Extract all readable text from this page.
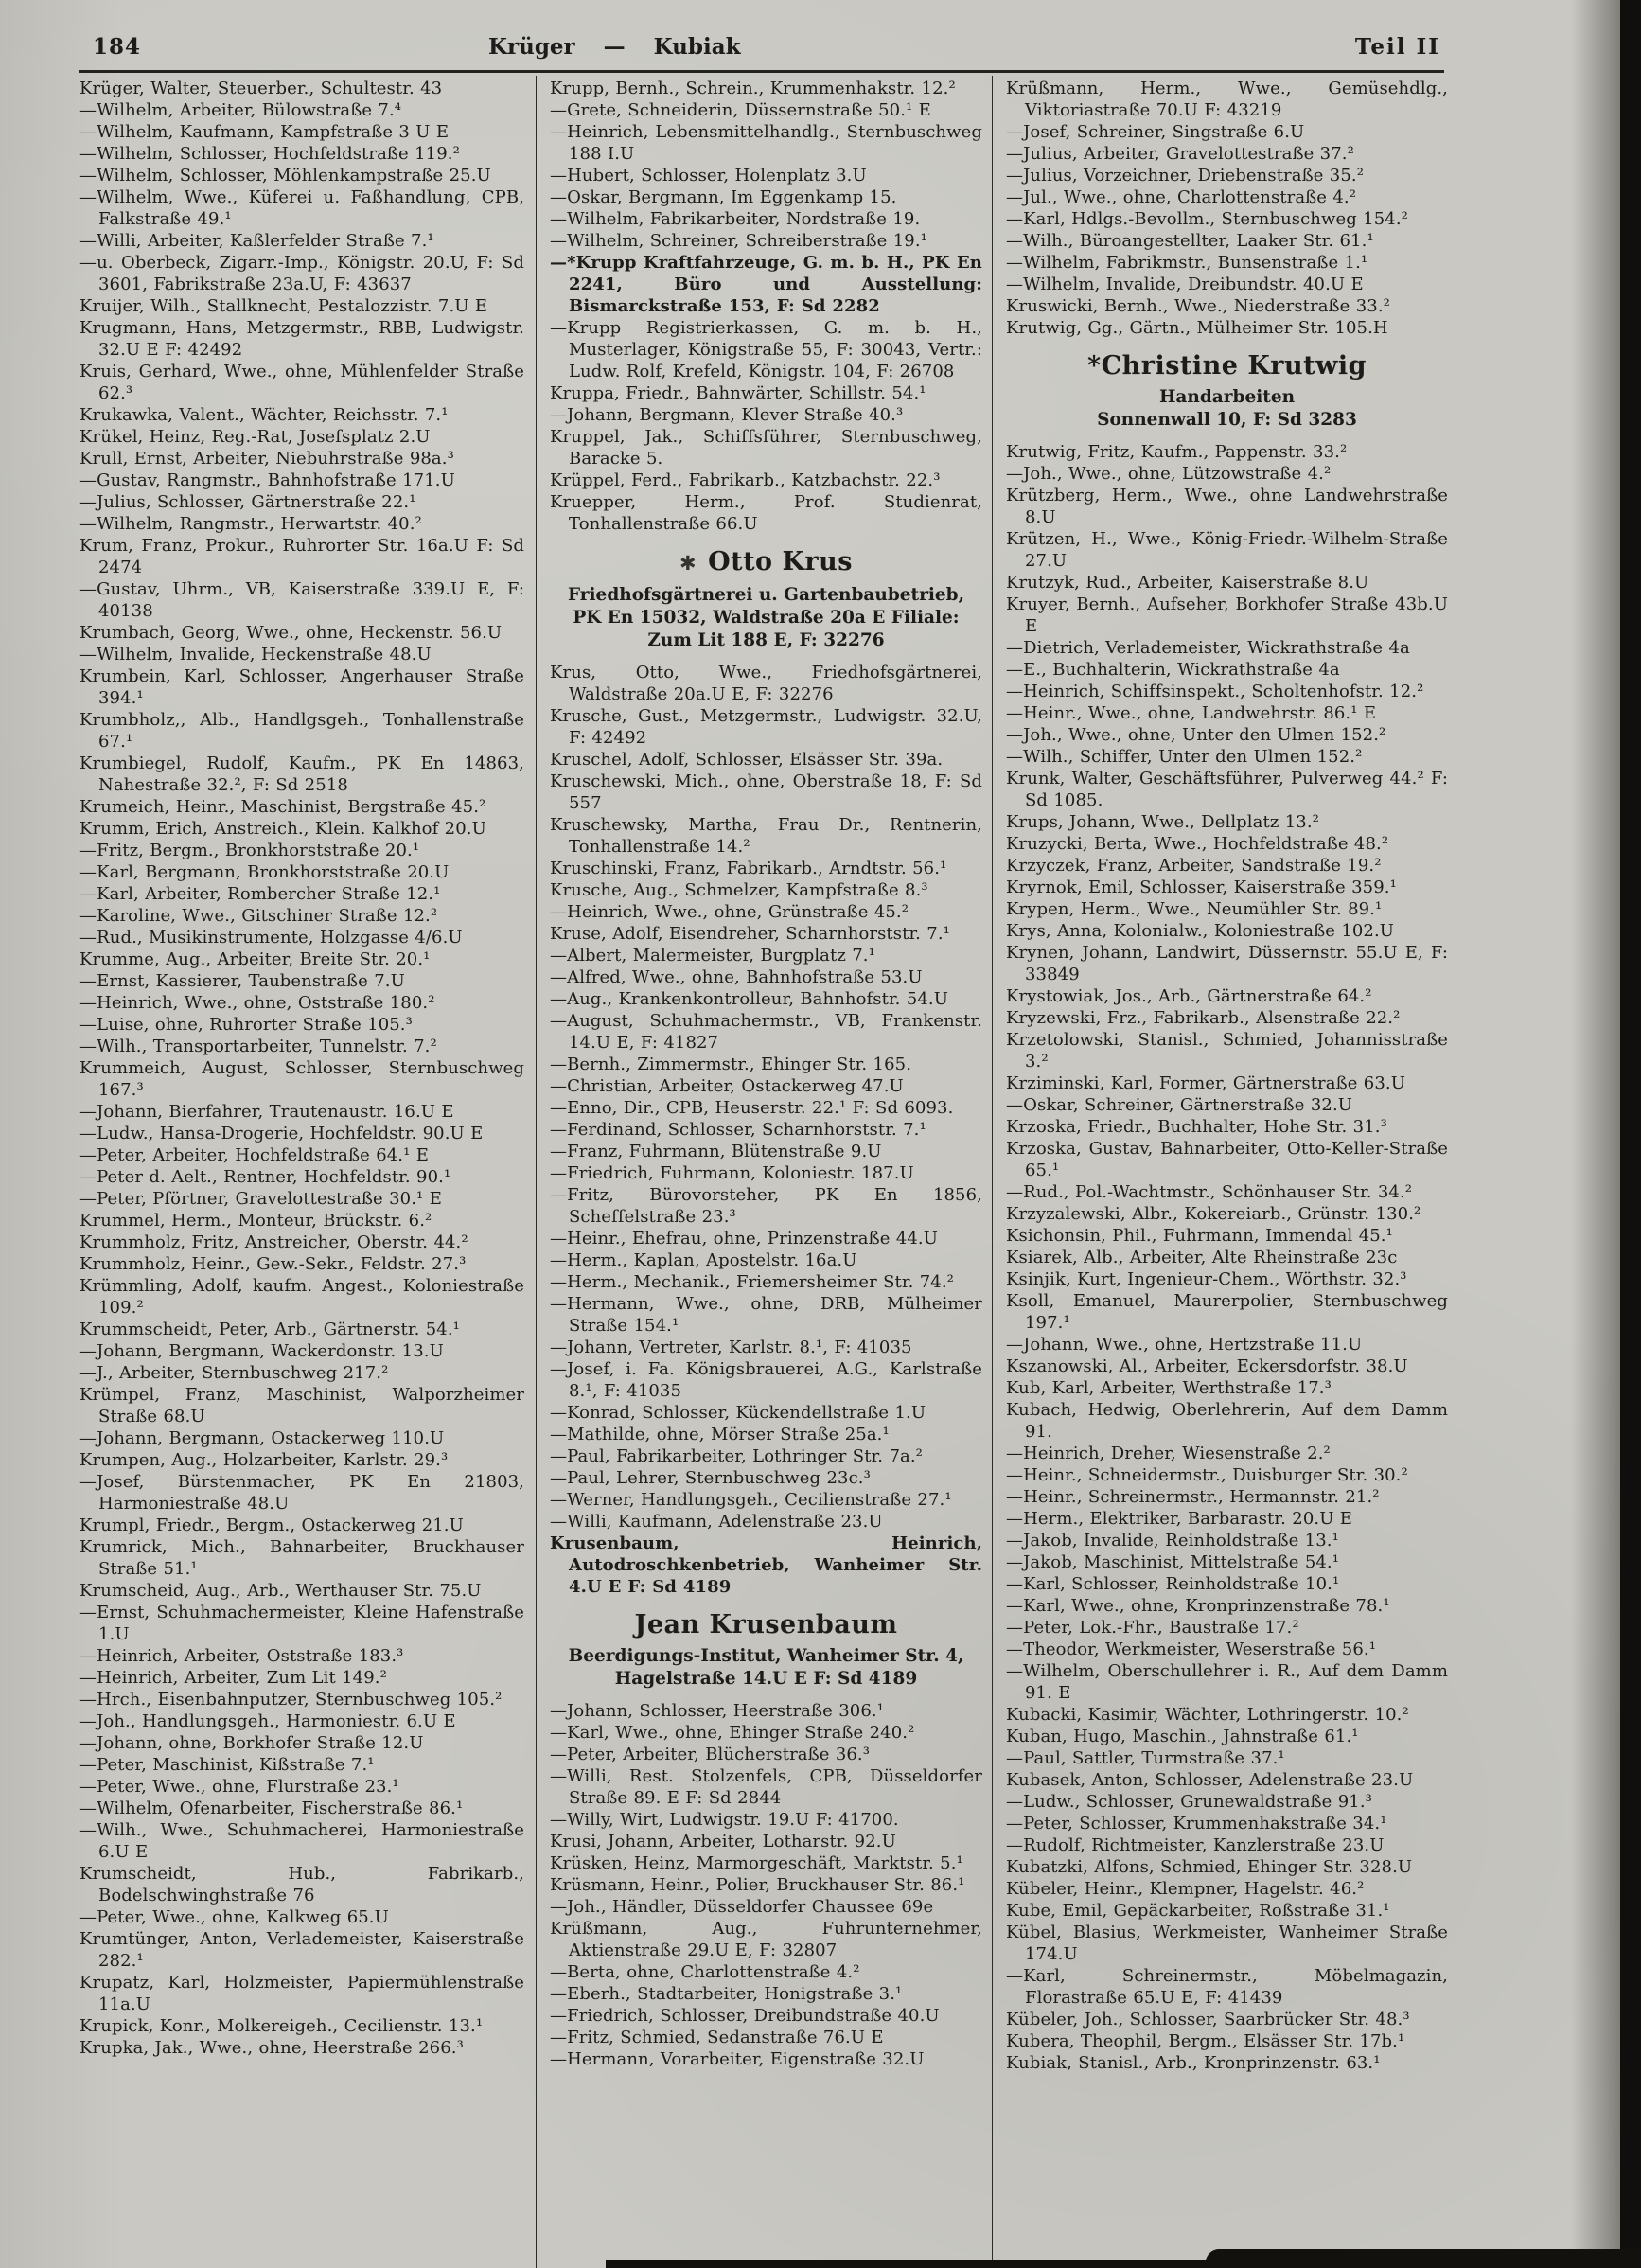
184	Krüger — Kubiak	Teil II
Krüger, Walter, Steuerber., Schultestr. 43
—Wilhelm, Arbeiter, Bülowstraße 7.⁴
—Wilhelm, Kaufmann, Kampfstraße 3 U E
—Wilhelm, Schlosser, Hochfeldstraße 119.²
—Wilhelm, Schlosser, Möhlenkampstraße 25.U
—Wilhelm, Wwe., Küferei u. Faßhandlung, CPB, Falkstraße 49.¹
—Willi, Arbeiter, Kaßlerfelder Straße 7.¹
—u. Oberbeck, Zigarr.-Imp., Königstr. 20.U, F: Sd 3601, Fabrikstraße 23a.U, F: 43637
Kruijer, Wilh., Stallknecht, Pestalozzistr. 7.U E
Krugmann, Hans, Metzgermstr., RBB, Ludwigstr. 32.U E F: 42492
Kruis, Gerhard, Wwe., ohne, Mühlenfelder Straße 62.³
Krukawka, Valent., Wächter, Reichsstr. 7.¹
Krükel, Heinz, Reg.-Rat, Josefsplatz 2.U
Krull, Ernst, Arbeiter, Niebuhrstraße 98a.³
—Gustav, Rangmstr., Bahnhofstraße 171.U
—Julius, Schlosser, Gärtnerstraße 22.¹
—Wilhelm, Rangmstr., Herwartstr. 40.²
Krum, Franz, Prokur., Ruhrorter Str. 16a.U F: Sd 2474
—Gustav, Uhrm., VB, Kaiserstraße 339.U E, F: 40138
Krumbach, Georg, Wwe., ohne, Heckenstr. 56.U
—Wilhelm, Invalide, Heckenstraße 48.U
Krumbein, Karl, Schlosser, Angerhauser Straße 394.¹
Krumbholz,, Alb., Handlgsgeh., Tonhallenstraße 67.¹
Krumbiegel, Rudolf, Kaufm., PK En 14863, Nahestraße 32.², F: Sd 2518
Krumeich, Heinr., Maschinist, Bergstraße 45.²
Krumm, Erich, Anstreich., Klein. Kalkhof 20.U
—Fritz, Bergm., Bronkhorststraße 20.¹
—Karl, Bergmann, Bronkhorststraße 20.U
—Karl, Arbeiter, Rombercher Straße 12.¹
—Karoline, Wwe., Gitschiner Straße 12.²
—Rud., Musikinstrumente, Holzgasse 4/6.U
Krumme, Aug., Arbeiter, Breite Str. 20.¹
—Ernst, Kassierer, Taubenstraße 7.U
—Heinrich, Wwe., ohne, Oststraße 180.²
—Luise, ohne, Ruhrorter Straße 105.³
—Wilh., Transportarbeiter, Tunnelstr. 7.²
Krummeich, August, Schlosser, Sternbuschweg 167.³
—Johann, Bierfahrer, Trautenaustr. 16.U E
—Ludw., Hansa-Drogerie, Hochfeldstr. 90.U E
—Peter, Arbeiter, Hochfeldstraße 64.¹ E
—Peter d. Aelt., Rentner, Hochfeldstr. 90.¹
—Peter, Pförtner, Gravelottestraße 30.¹ E
Krummel, Herm., Monteur, Brückstr. 6.²
Krummholz, Fritz, Anstreicher, Oberstr. 44.²
Krummholz, Heinr., Gew.-Sekr., Feldstr. 27.³
Krümmling, Adolf, kaufm. Angest., Koloniestraße 109.²
Krummscheidt, Peter, Arb., Gärtnerstr. 54.¹
—Johann, Bergmann, Wackerdonstr. 13.U
—J., Arbeiter, Sternbuschweg 217.²
Krümpel, Franz, Maschinist, Walporzheimer Straße 68.U
—Johann, Bergmann, Ostackerweg 110.U
Krumpen, Aug., Holzarbeiter, Karlstr. 29.³
—Josef, Bürstenmacher, PK En 21803, Harmoniestraße 48.U
Krumpl, Friedr., Bergm., Ostackerweg 21.U
Krumrick, Mich., Bahnarbeiter, Bruckhauser Straße 51.¹
Krumscheid, Aug., Arb., Werthauser Str. 75.U
—Ernst, Schuhmachermeister, Kleine Hafenstraße 1.U
—Heinrich, Arbeiter, Oststraße 183.³
—Heinrich, Arbeiter, Zum Lit 149.²
—Hrch., Eisenbahnputzer, Sternbuschweg 105.²
—Joh., Handlungsgeh., Harmoniestr. 6.U E
—Johann, ohne, Borkhofer Straße 12.U
—Peter, Maschinist, Kißstraße 7.¹
—Peter, Wwe., ohne, Flurstraße 23.¹
—Wilhelm, Ofenarbeiter, Fischerstraße 86.¹
—Wilh., Wwe., Schuhmacherei, Harmoniestraße 6.U E
Krumscheidt, Hub., Fabrikarb., Bodelschwinghstraße 76
—Peter, Wwe., ohne, Kalkweg 65.U
Krumtünger, Anton, Verlademeister, Kaiserstraße 282.¹
Krupatz, Karl, Holzmeister, Papiermühlenstraße 11a.U
Krupick, Konr., Molkereigeh., Cecilienstr. 13.¹
Krupka, Jak., Wwe., ohne, Heerstraße 266.³
Krupp, Bernh., Schrein., Krummenhakstr. 12.²
—Grete, Schneiderin, Düssernstraße 50.¹ E
—Heinrich, Lebensmittelhandlg., Sternbuschweg 188 I.U
—Hubert, Schlosser, Holenplatz 3.U
—Oskar, Bergmann, Im Eggenkamp 15.
—Wilhelm, Fabrikarbeiter, Nordstraße 19.
—Wilhelm, Schreiner, Schreiberstraße 19.¹
—*Krupp Kraftfahrzeuge, G. m. b. H., PK En 2241, Büro und Ausstellung: Bismarckstraße 153, F: Sd 2282
—Krupp Registrierkassen, G. m. b. H., Musterlager, Königstraße 55, F: 30043, Vertr.: Ludw. Rolf, Krefeld, Königstr. 104, F: 26708
Kruppa, Friedr., Bahnwärter, Schillstr. 54.¹
—Johann, Bergmann, Klever Straße 40.³
Kruppel, Jak., Schiffsführer, Sternbuschweg, Baracke 5.
Krüppel, Ferd., Fabrikarb., Katzbachstr. 22.³
Kruepper, Herm., Prof. Studienrat, Tonhallenstraße 66.U
✱ Otto Krus
Friedhofsgärtnerei u. Gartenbaubetrieb,
PK En 15032, Waldstraße 20a E Filiale:
Zum Lit 188 E, F: 32276
Krus, Otto, Wwe., Friedhofsgärtnerei, Waldstraße 20a.U E, F: 32276
Krusche, Gust., Metzgermstr., Ludwigstr. 32.U, F: 42492
Kruschel, Adolf, Schlosser, Elsässer Str. 39a.
Kruschewski, Mich., ohne, Oberstraße 18, F: Sd 557
Kruschewsky, Martha, Frau Dr., Rentnerin, Tonhallenstraße 14.²
Kruschinski, Franz, Fabrikarb., Arndtstr. 56.¹
Krusche, Aug., Schmelzer, Kampfstraße 8.³
—Heinrich, Wwe., ohne, Grünstraße 45.²
Kruse, Adolf, Eisendreher, Scharnhorststr. 7.¹
—Albert, Malermeister, Burgplatz 7.¹
—Alfred, Wwe., ohne, Bahnhofstraße 53.U
—Aug., Krankenkontrolleur, Bahnhofstr. 54.U
—August, Schuhmachermstr., VB, Frankenstr. 14.U E, F: 41827
—Bernh., Zimmermstr., Ehinger Str. 165.
—Christian, Arbeiter, Ostackerweg 47.U
—Enno, Dir., CPB, Heuserstr. 22.¹ F: Sd 6093.
—Ferdinand, Schlosser, Scharnhorststr. 7.¹
—Franz, Fuhrmann, Blütenstraße 9.U
—Friedrich, Fuhrmann, Koloniestr. 187.U
—Fritz, Bürovorsteher, PK En 1856, Scheffelstraße 23.³
—Heinr., Ehefrau, ohne, Prinzenstraße 44.U
—Herm., Kaplan, Apostelstr. 16a.U
—Herm., Mechanik., Friemersheimer Str. 74.²
—Hermann, Wwe., ohne, DRB, Mülheimer Straße 154.¹
—Johann, Vertreter, Karlstr. 8.¹, F: 41035
—Josef, i. Fa. Königsbrauerei, A.G., Karlstraße 8.¹, F: 41035
—Konrad, Schlosser, Kückendellstraße 1.U
—Mathilde, ohne, Mörser Straße 25a.¹
—Paul, Fabrikarbeiter, Lothringer Str. 7a.²
—Paul, Lehrer, Sternbuschweg 23c.³
—Werner, Handlungsgeh., Cecilienstraße 27.¹
—Willi, Kaufmann, Adelenstraße 23.U
Krusenbaum, Heinrich, Autodroschkenbetrieb, Wanheimer Str. 4.U E F: Sd 4189
Jean Krusenbaum
Beerdigungs-Institut, Wanheimer Str. 4,
Hagelstraße 14.U E F: Sd 4189
—Johann, Schlosser, Heerstraße 306.¹
—Karl, Wwe., ohne, Ehinger Straße 240.²
—Peter, Arbeiter, Blücherstraße 36.³
—Willi, Rest. Stolzenfels, CPB, Düsseldorfer Straße 89. E F: Sd 2844
—Willy, Wirt, Ludwigstr. 19.U F: 41700.
Krusi, Johann, Arbeiter, Lotharstr. 92.U
Krüsken, Heinz, Marmorgeschäft, Marktstr. 5.¹
Krüsmann, Heinr., Polier, Bruckhauser Str. 86.¹
—Joh., Händler, Düsseldorfer Chaussee 69e
Krüßmann, Aug., Fuhrunternehmer, Aktienstraße 29.U E, F: 32807
—Berta, ohne, Charlottenstraße 4.²
—Eberh., Stadtarbeiter, Honigstraße 3.¹
—Friedrich, Schlosser, Dreibundstraße 40.U
—Fritz, Schmied, Sedanstraße 76.U E
—Hermann, Vorarbeiter, Eigenstraße 32.U
Krüßmann, Herm., Wwe., Gemüsehdlg., Viktoriastraße 70.U F: 43219
—Josef, Schreiner, Singstraße 6.U
—Julius, Arbeiter, Gravelottestraße 37.²
—Julius, Vorzeichner, Driebenstraße 35.²
—Jul., Wwe., ohne, Charlottenstraße 4.²
—Karl, Hdlgs.-Bevollm., Sternbuschweg 154.²
—Wilh., Büroangestellter, Laaker Str. 61.¹
—Wilhelm, Fabrikmstr., Bunsenstraße 1.¹
—Wilhelm, Invalide, Dreibundstr. 40.U E
Kruswicki, Bernh., Wwe., Niederstraße 33.²
Krutwig, Gg., Gärtn., Mülheimer Str. 105.H
*Christine Krutwig
Handarbeiten
Sonnenwall 10, F: Sd 3283
Krutwig, Fritz, Kaufm., Pappenstr. 33.²
—Joh., Wwe., ohne, Lützowstraße 4.²
Krützberg, Herm., Wwe., ohne Landwehrstraße 8.U
Krützen, H., Wwe., König-Friedr.-Wilhelm-Straße 27.U
Krutzyk, Rud., Arbeiter, Kaiserstraße 8.U
Kruyer, Bernh., Aufseher, Borkhofer Straße 43b.U E
—Dietrich, Verlademeister, Wickrathstraße 4a
—E., Buchhalterin, Wickrathstraße 4a
—Heinrich, Schiffsinspekt., Scholtenhofstr. 12.²
—Heinr., Wwe., ohne, Landwehrstr. 86.¹ E
—Joh., Wwe., ohne, Unter den Ulmen 152.²
—Wilh., Schiffer, Unter den Ulmen 152.²
Krunk, Walter, Geschäftsführer, Pulverweg 44.² F: Sd 1085.
Krups, Johann, Wwe., Dellplatz 13.²
Kruzycki, Berta, Wwe., Hochfeldstraße 48.²
Krzyczek, Franz, Arbeiter, Sandstraße 19.²
Kryrnok, Emil, Schlosser, Kaiserstraße 359.¹
Krypen, Herm., Wwe., Neumühler Str. 89.¹
Krys, Anna, Kolonialw., Koloniestraße 102.U
Krynen, Johann, Landwirt, Düssernstr. 55.U E, F: 33849
Krystowiak, Jos., Arb., Gärtnerstraße 64.²
Kryzewski, Frz., Fabrikarb., Alsenstraße 22.²
Krzetolowski, Stanisl., Schmied, Johannisstraße 3.²
Krziminski, Karl, Former, Gärtnerstraße 63.U
—Oskar, Schreiner, Gärtnerstraße 32.U
Krzoska, Friedr., Buchhalter, Hohe Str. 31.³
Krzoska, Gustav, Bahnarbeiter, Otto-Keller-Straße 65.¹
—Rud., Pol.-Wachtmstr., Schönhauser Str. 34.²
Krzyzalewski, Albr., Kokereiarb., Grünstr. 130.²
Ksichonsin, Phil., Fuhrmann, Immendal 45.¹
Ksiarek, Alb., Arbeiter, Alte Rheinstraße 23c
Ksinjik, Kurt, Ingenieur-Chem., Wörthstr. 32.³
Ksoll, Emanuel, Maurerpolier, Sternbuschweg 197.¹
—Johann, Wwe., ohne, Hertzstraße 11.U
Kszanowski, Al., Arbeiter, Eckersdorfstr. 38.U
Kub, Karl, Arbeiter, Werthstraße 17.³
Kubach, Hedwig, Oberlehrerin, Auf dem Damm 91.
—Heinrich, Dreher, Wiesenstraße 2.²
—Heinr., Schneidermstr., Duisburger Str. 30.²
—Heinr., Schreinermstr., Hermannstr. 21.²
—Herm., Elektriker, Barbarastr. 20.U E
—Jakob, Invalide, Reinholdstraße 13.¹
—Jakob, Maschinist, Mittelstraße 54.¹
—Karl, Schlosser, Reinholdstraße 10.¹
—Karl, Wwe., ohne, Kronprinzenstraße 78.¹
—Peter, Lok.-Fhr., Baustraße 17.²
—Theodor, Werkmeister, Weserstraße 56.¹
—Wilhelm, Oberschullehrer i. R., Auf dem Damm 91. E
Kubacki, Kasimir, Wächter, Lothringerstr. 10.²
Kuban, Hugo, Maschin., Jahnstraße 61.¹
—Paul, Sattler, Turmstraße 37.¹
Kubasek, Anton, Schlosser, Adelenstraße 23.U
—Ludw., Schlosser, Grunewaldstraße 91.³
—Peter, Schlosser, Krummenhakstraße 34.¹
—Rudolf, Richtmeister, Kanzlerstraße 23.U
Kubatzki, Alfons, Schmied, Ehinger Str. 328.U
Kübeler, Heinr., Klempner, Hagelstr. 46.²
Kube, Emil, Gepäckarbeiter, Roßstraße 31.¹
Kübel, Blasius, Werkmeister, Wanheimer Straße 174.U
—Karl, Schreinermstr., Möbelmagazin, Florastraße 65.U E, F: 41439
Kübeler, Joh., Schlosser, Saarbrücker Str. 48.³
Kubera, Theophil, Bergm., Elsässer Str. 17b.¹
Kubiak, Stanisl., Arb., Kronprinzenstr. 63.¹
